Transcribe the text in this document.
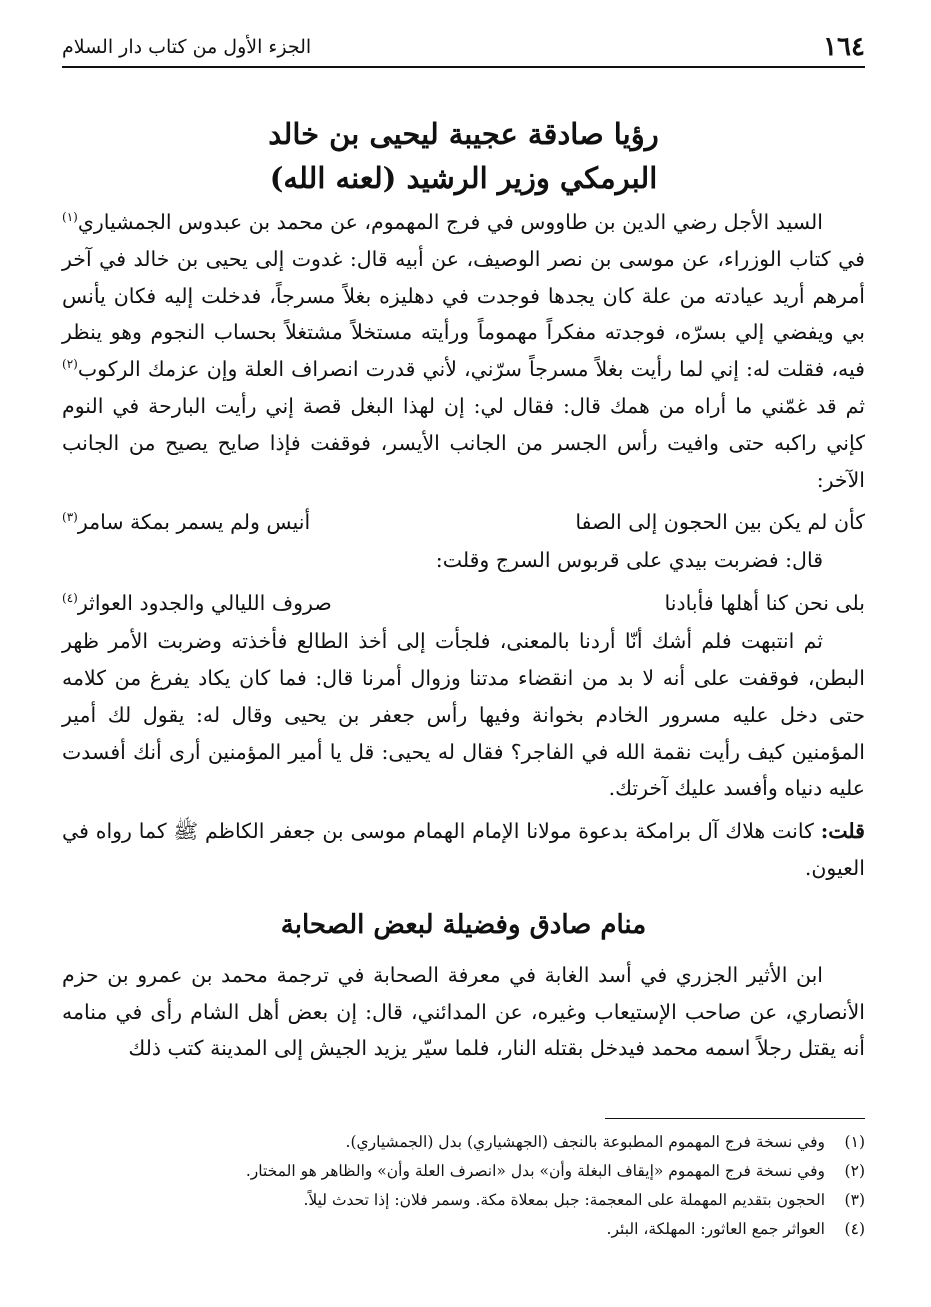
١٦٤
الجزء الأول من كتاب دار السلام
رؤيا صادقة عجيبة ليحيى بن خالد
البرمكي وزير الرشيد (لعنه الله)

السيد الأجل رضي الدين بن طاووس في فرج المهموم، عن محمد بن عبدوس الجمشياري$^{(١)}$ في كتاب الوزراء، عن موسى بن نصر الوصيف، عن أبيه قال: غدوت إلى يحيى بن خالد في آخر أمرهم أريد عيادته من علة كان يجدها فوجدت في دهليزه بغلاً مسرجاً، فدخلت إليه فكان يأنس بي ويفضي إلي بسرّه، فوجدته مفكراً مهموماً ورأيته مستخلاً مشتغلاً بحساب النجوم وهو ينظر فيه، فقلت له: إني لما رأيت بغلاً مسرجاً سرّني، لأني قدرت انصراف العلة وإن عزمك الركوب$^{(٢)}$ ثم قد غمّني ما أراه من همك قال: فقال لي: إن لهذا البغل قصة إني رأيت البارحة في النوم كإني راكبه حتى وافيت رأس الجسر من الجانب الأيسر، فوقفت فإذا صايح يصيح من الجانب الآخر:

كأن لم يكن بين الحجون إلى الصفا
أنيس ولم يسمر بمكة سامر$^{(٣)}$

قال: فضربت بيدي على قربوس السرج وقلت:

بلى نحن كنا أهلها فأبادنا
صروف الليالي والجدود العواثر$^{(٤)}$

ثم انتبهت فلم أشك أنّا أردنا بالمعنى، فلجأت إلى أخذ الطالع فأخذته وضربت الأمر ظهر البطن، فوقفت على أنه لا بد من انقضاء مدتنا وزوال أمرنا قال: فما كان يكاد يفرغ من كلامه حتى دخل عليه مسرور الخادم بخوانة وفيها رأس جعفر بن يحيى وقال له: يقول لك أمير المؤمنين كيف رأيت نقمة الله في الفاجر؟ فقال له يحيى: قل يا أمير المؤمنين أرى أنك أفسدت عليه دنياه وأفسد عليك آخرتك.

قلت: كانت هلاك آل برامكة بدعوة مولانا الإمام الهمام موسى بن جعفر الكاظم ﷺ كما رواه في العيون.

منام صادق وفضيلة لبعض الصحابة

ابن الأثير الجزري في أسد الغابة في معرفة الصحابة في ترجمة محمد بن عمرو بن حزم الأنصاري، عن صاحب الإستيعاب وغيره، عن المدائني، قال: إن بعض أهل الشام رأى في منامه أنه يقتل رجلاً اسمه محمد فيدخل بقتله النار، فلما سيّر يزيد الجيش إلى المدينة كتب ذلك

(١)
وفي نسخة فرج المهموم المطبوعة بالنجف (الجهشياري) بدل (الجمشياري).
(٢)
وفي نسخة فرج المهموم «إيقاف البغلة وأن» بدل «انصرف العلة وأن» والظاهر هو المختار.
(٣)
الحجون بتقديم المهملة على المعجمة: جبل بمعلاة مكة. وسمر فلان: إذا تحدث ليلاً.
(٤)
العواثر جمع العاثور: المهلكة، البئر.
